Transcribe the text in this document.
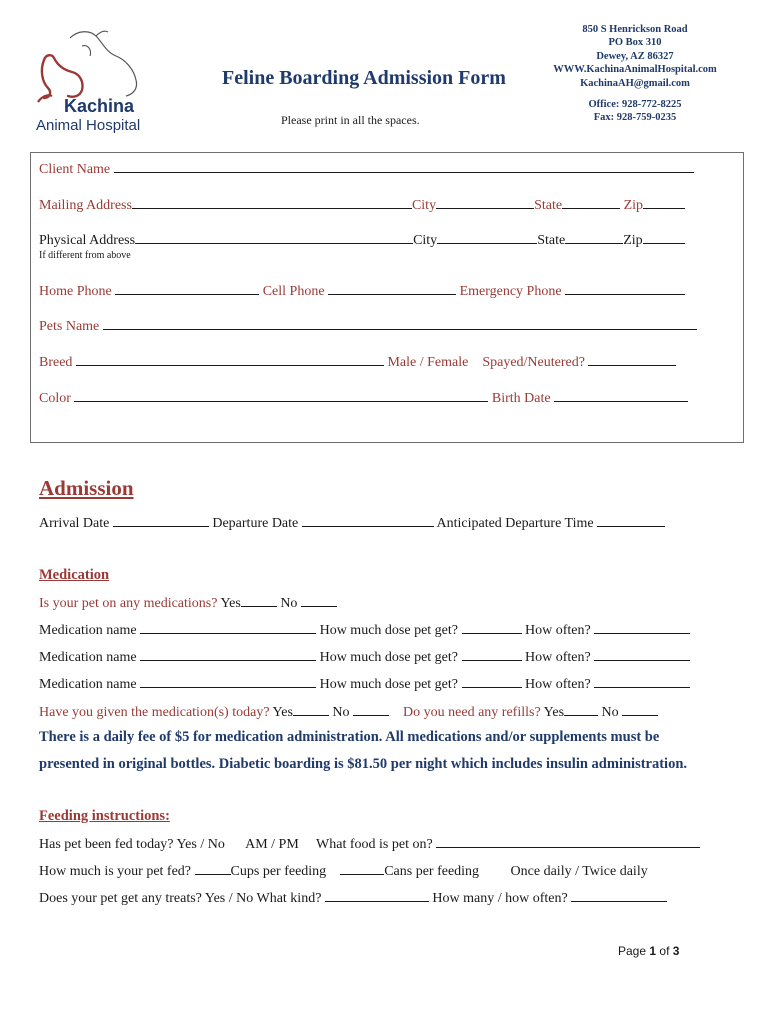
Kachina
Animal Hospital
Feline Boarding Admission Form
Please print in all the spaces.
850 S Henrickson Road
PO Box 310
Dewey, AZ 86327
WWW.KachinaAnimalHospital.com
KachinaAH@gmail.com
Office: 928-772-8225
Fax: 928-759-0235
Client Name
Mailing Address	City	State	Zip
Physical Address	City	State	Zip
If different from above
Home Phone	Cell Phone	Emergency Phone
Pets Name
Breed	Male / Female Spayed/Neutered?
Color	Birth Date
Admission
Arrival Date	Departure Date	Anticipated Departure Time
Medication
Is your pet on any medications? Yes	No
Medication name	How much dose pet get?	How often?
Medication name	How much dose pet get?	How often?
Medication name	How much dose pet get?	How often?
Have you given the medication(s) today? Yes	No	Do you need any refills? Yes	No
There is a daily fee of $5 for medication administration. All medications and/or supplements must be
presented in original bottles. Diabetic boarding is $81.50 per night which includes insulin administration.
Feeding instructions:
Has pet been fed today? Yes / No AM / PM What food is pet on?
How much is your pet fed?	Cups per feeding	Cans per feeding Once daily / Twice daily
Does your pet get any treats? Yes / No What kind?	How many / how often?
Page 1 of 3
